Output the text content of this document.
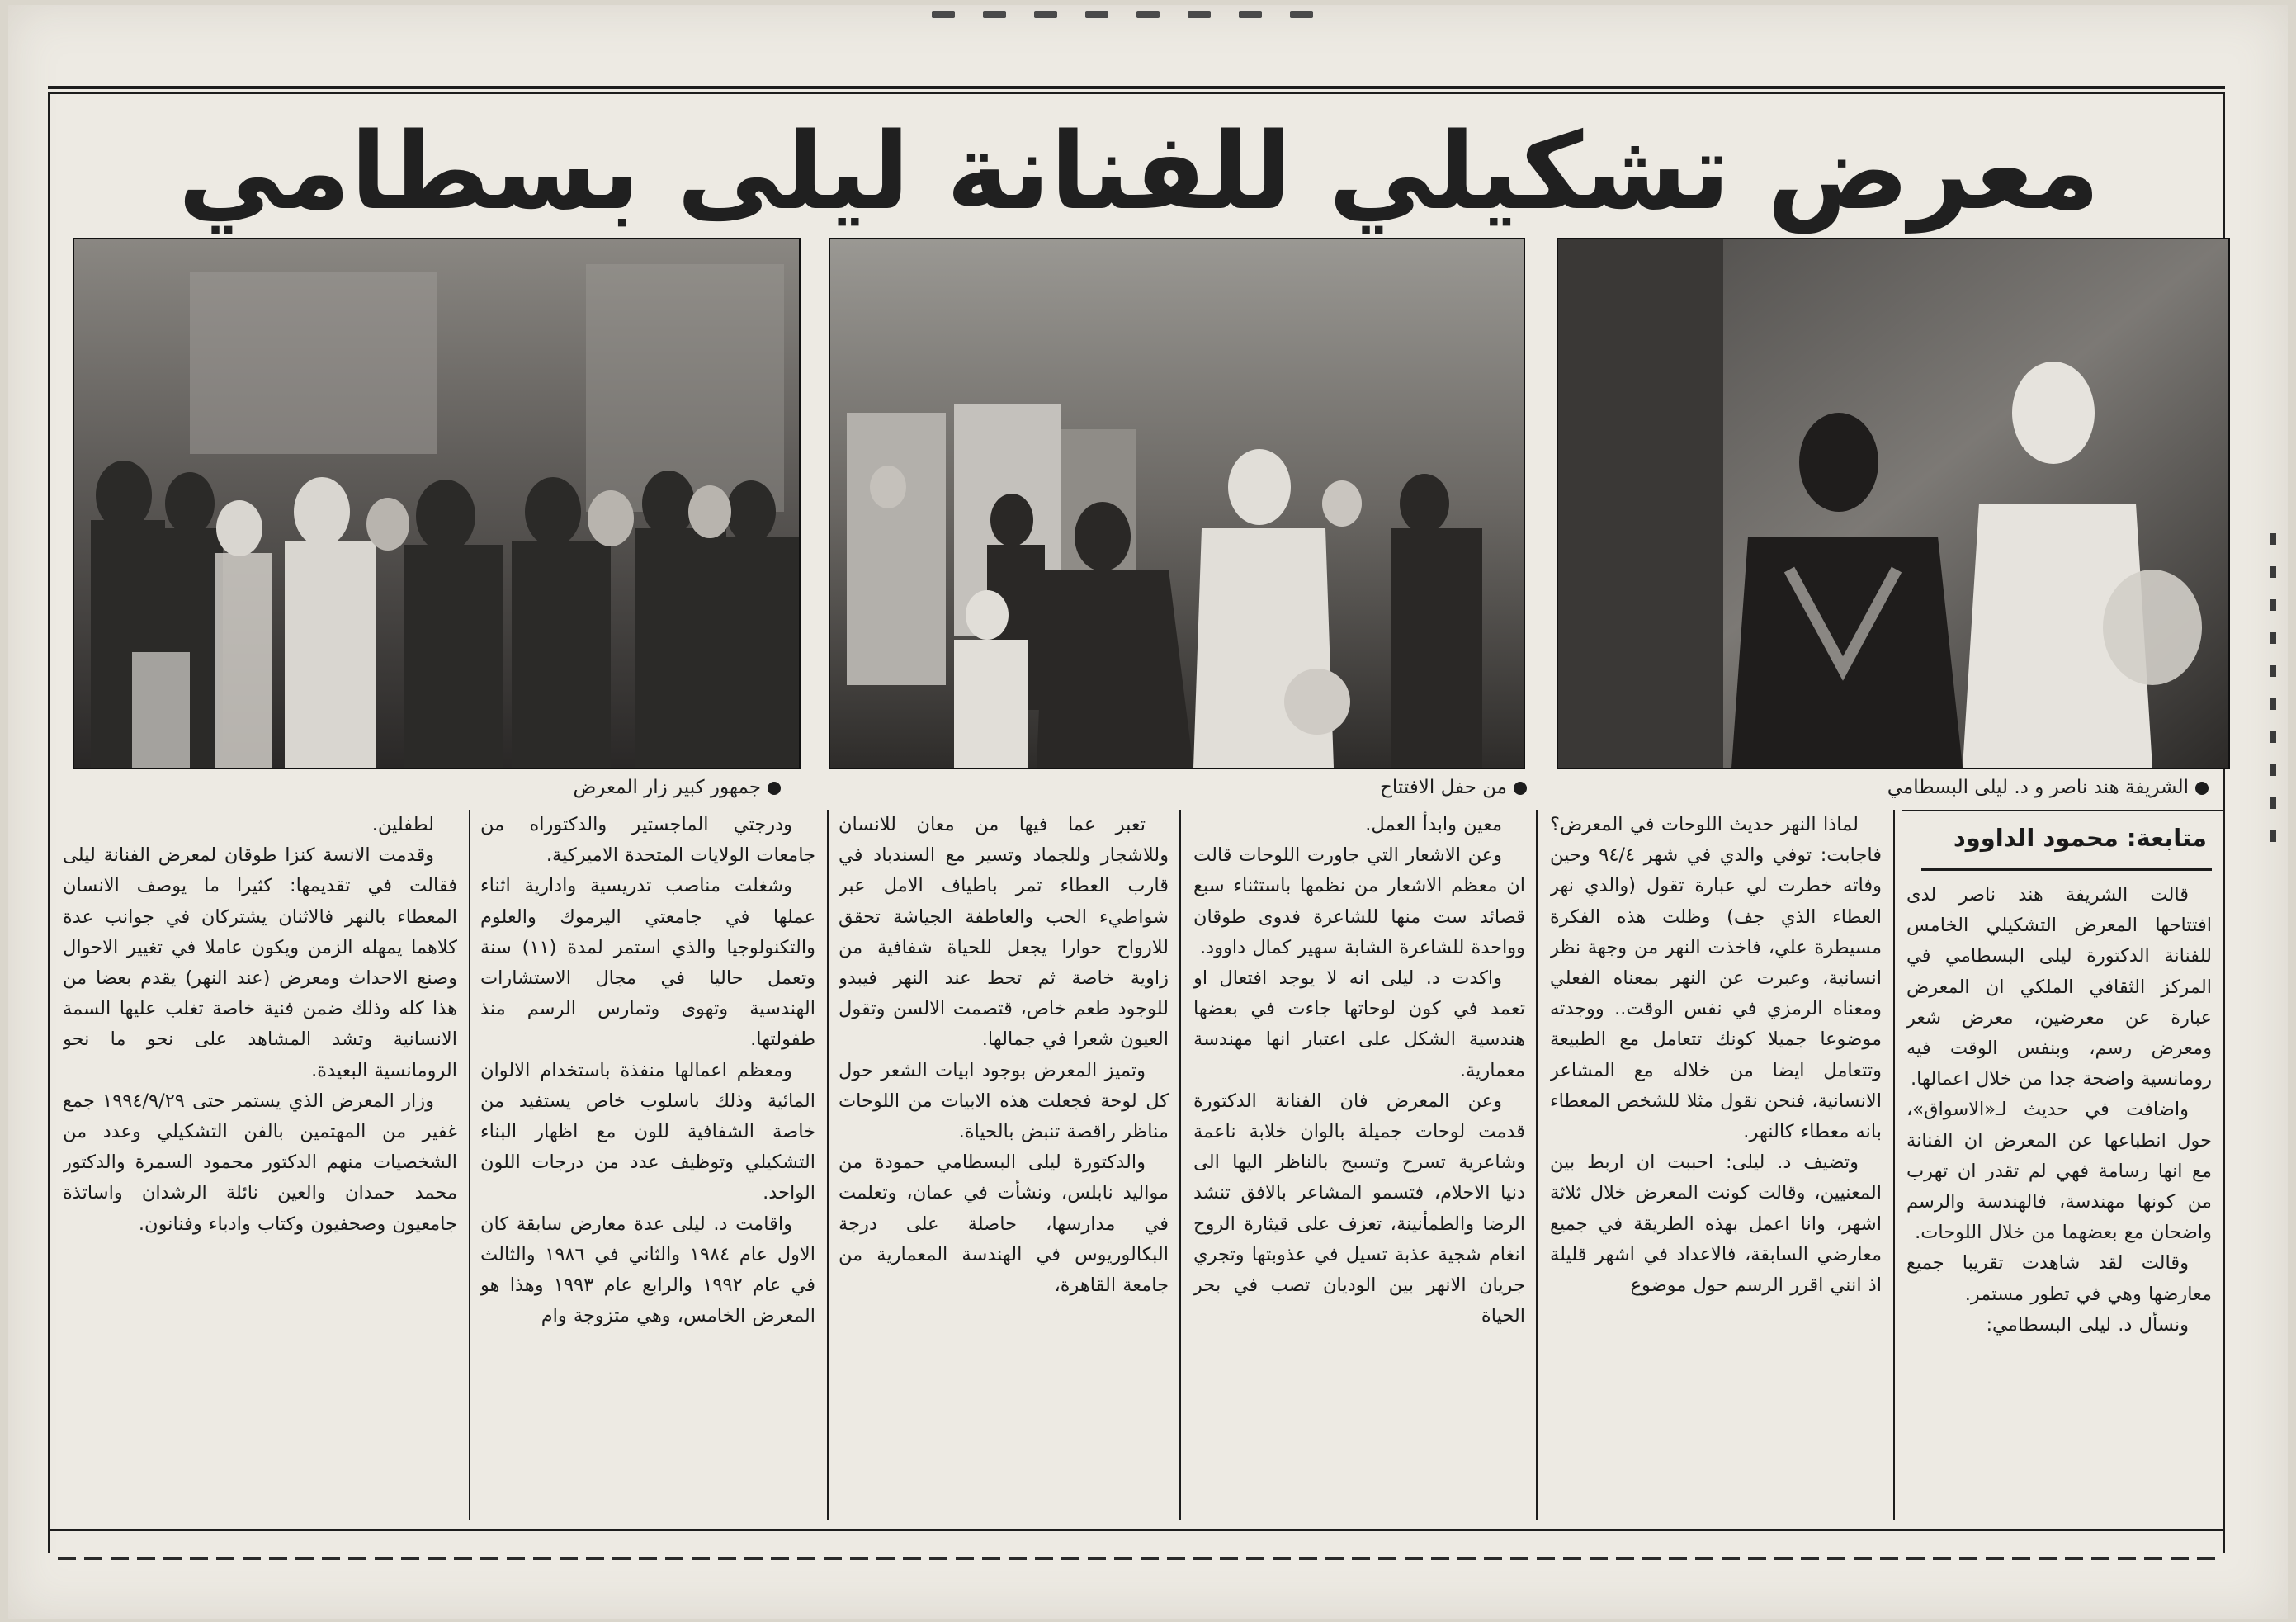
معرض تشكيلي للفنانة ليلى بسطامي
جمهور كبير زار المعرض	من حفل الافتتاح	الشريفة هند ناصر و د. ليلى البسطامي
متابعة: محمود الداوود

قالت الشريفة هند ناصر لدى افتتاحها المعرض التشكيلي الخامس للفنانة الدكتورة ليلى البسطامي في المركز الثقافي الملكي ان المعرض عبارة عن معرضين، معرض شعر ومعرض رسم، وبنفس الوقت فيه رومانسية واضحة جدا من خلال اعمالها.

واضافت في حديث لـ«الاسواق»، حول انطباعها عن المعرض ان الفنانة مع انها رسامة فهي لم تقدر ان تهرب من كونها مهندسة، فالهندسة والرسم واضحان مع بعضهما من خلال اللوحات.

وقالت لقد شاهدت تقريبا جميع معارضها وهي في تطور مستمر.

ونسأل د. ليلى البسطامي:

لماذا النهر حديث اللوحات في المعرض؟ فاجابت: توفي والدي في شهر ٩٤/٤ وحين وفاته خطرت لي عبارة تقول (والدي نهر العطاء الذي جف) وظلت هذه الفكرة مسيطرة علي، فاخذت النهر من وجهة نظر انسانية، وعبرت عن النهر بمعناه الفعلي ومعناه الرمزي في نفس الوقت.. ووجدته موضوعا جميلا كونك تتعامل مع الطبيعة وتتعامل ايضا من خلاله مع المشاعر الانسانية، فنحن نقول مثلا للشخص المعطاء بانه معطاء كالنهر.

وتضيف د. ليلى: احببت ان اربط بين المعنيين، وقالت كونت المعرض خلال ثلاثة اشهر، وانا اعمل بهذه الطريقة في جميع معارضي السابقة، فالاعداد في اشهر قليلة اذ انني اقرر الرسم حول موضوع

معين وابدأ العمل.

وعن الاشعار التي جاورت اللوحات قالت ان معظم الاشعار من نظمها باستثناء سبع قصائد ست منها للشاعرة فدوى طوقان وواحدة للشاعرة الشابة سهير كمال داوود.

واكدت د. ليلى انه لا يوجد افتعال او تعمد في كون لوحاتها جاءت في بعضها هندسية الشكل على اعتبار انها مهندسة معمارية.

وعن المعرض فان الفنانة الدكتورة قدمت لوحات جميلة بالوان خلابة ناعمة وشاعرية تسرح وتسبح بالناظر اليها الى دنيا الاحلام، فتسمو المشاعر بالافق تنشد الرضا والطمأنينة، تعزف على قيثارة الروح انغام شجية عذبة تسيل في عذوبتها وتجري جريان الانهر بين الوديان تصب في بحر الحياة

تعبر عما فيها من معان للانسان وللاشجار وللجماد وتسير مع السندباد في قارب العطاء تمر باطياف الامل عبر شواطيء الحب والعاطفة الجياشة تحقق للارواح حوارا يجعل للحياة شفافية من زاوية خاصة ثم تحط عند النهر فيبدو للوجود طعم خاص، قتصمت الالسن وتقول العيون شعرا في جمالها.

وتميز المعرض بوجود ابيات الشعر حول كل لوحة فجعلت هذه الابيات من اللوحات مناظر راقصة تنبض بالحياة.

والدكتورة ليلى البسطامي حمودة من مواليد نابلس، ونشأت في عمان، وتعلمت في مدارسها، حاصلة على درجة البكالوريوس في الهندسة المعمارية من جامعة القاهرة،

ودرجتي الماجستير والدكتوراه من جامعات الولايات المتحدة الاميركية.

وشغلت مناصب تدريسية وادارية اثناء عملها في جامعتي اليرموك والعلوم والتكنولوجيا والذي استمر لمدة (١١) سنة وتعمل حاليا في مجال الاستشارات الهندسية وتهوى وتمارس الرسم منذ طفولتها.

ومعظم اعمالها منفذة باستخدام الالوان المائية وذلك باسلوب خاص يستفيد من خاصة الشفافية للون مع اظهار البناء التشكيلي وتوظيف عدد من درجات اللون الواحد.

واقامت د. ليلى عدة معارض سابقة كان الاول عام ١٩٨٤ والثاني في ١٩٨٦ والثالث في عام ١٩٩٢ والرابع عام ١٩٩٣ وهذا هو المعرض الخامس، وهي متزوجة وام

لطفلين.

وقدمت الانسة كنزا طوقان لمعرض الفنانة ليلى فقالت في تقديمها: كثيرا ما يوصف الانسان المعطاء بالنهر فالاثنان يشتركان في جوانب عدة كلاهما يمهله الزمن ويكون عاملا في تغيير الاحوال وصنع الاحداث ومعرض (عند النهر) يقدم بعضا من هذا كله وذلك ضمن فنية خاصة تغلب عليها السمة الانسانية وتشد المشاهد على نحو ما نحو الرومانسية البعيدة.

وزار المعرض الذي يستمر حتى ١٩٩٤/٩/٢٩ جمع غفير من المهتمين بالفن التشكيلي وعدد من الشخصيات منهم الدكتور محمود السمرة والدكتور محمد حمدان والعين نائلة الرشدان واساتذة جامعيون وصحفيون وكتاب وادباء وفنانون.
